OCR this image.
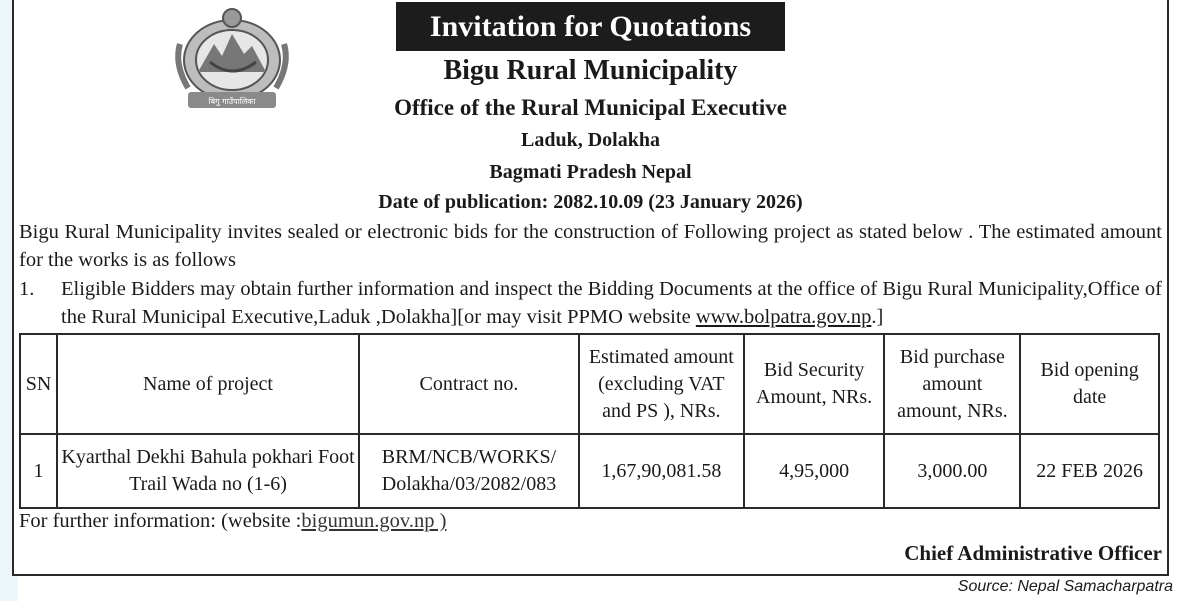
बिगु गाउँपालिका
Invitation for Quotations
Bigu Rural Municipality
Office of the Rural Municipal Executive
Laduk, Dolakha
Bagmati Pradesh Nepal
Date of publication: 2082.10.09 (23 January 2026)
Bigu Rural Municipality invites sealed or electronic bids for the construction of Following project as stated below . The estimated amount for the works is as follows
1.	Eligible Bidders may obtain further information and inspect the Bidding Documents at the office of Bigu Rural Municipality,Office of the Rural Municipal Executive,Laduk ,Dolakha][or may visit PPMO website www.bolpatra.gov.np.]
SN	Name of project	Contract no.	Estimated amount (excluding VAT and PS ), NRs.	Bid Security Amount, NRs.	Bid purchase amount amount, NRs.	Bid opening date
1	Kyarthal Dekhi Bahula pokhari Foot Trail Wada no (1-6)	BRM/NCB/WORKS/ Dolakha/03/2082/083	1,67,90,081.58	4,95,000	3,000.00	22 FEB 2026
For further information: (website :bigumun.gov.np )
Chief Administrative Officer
Source: Nepal Samacharpatra
